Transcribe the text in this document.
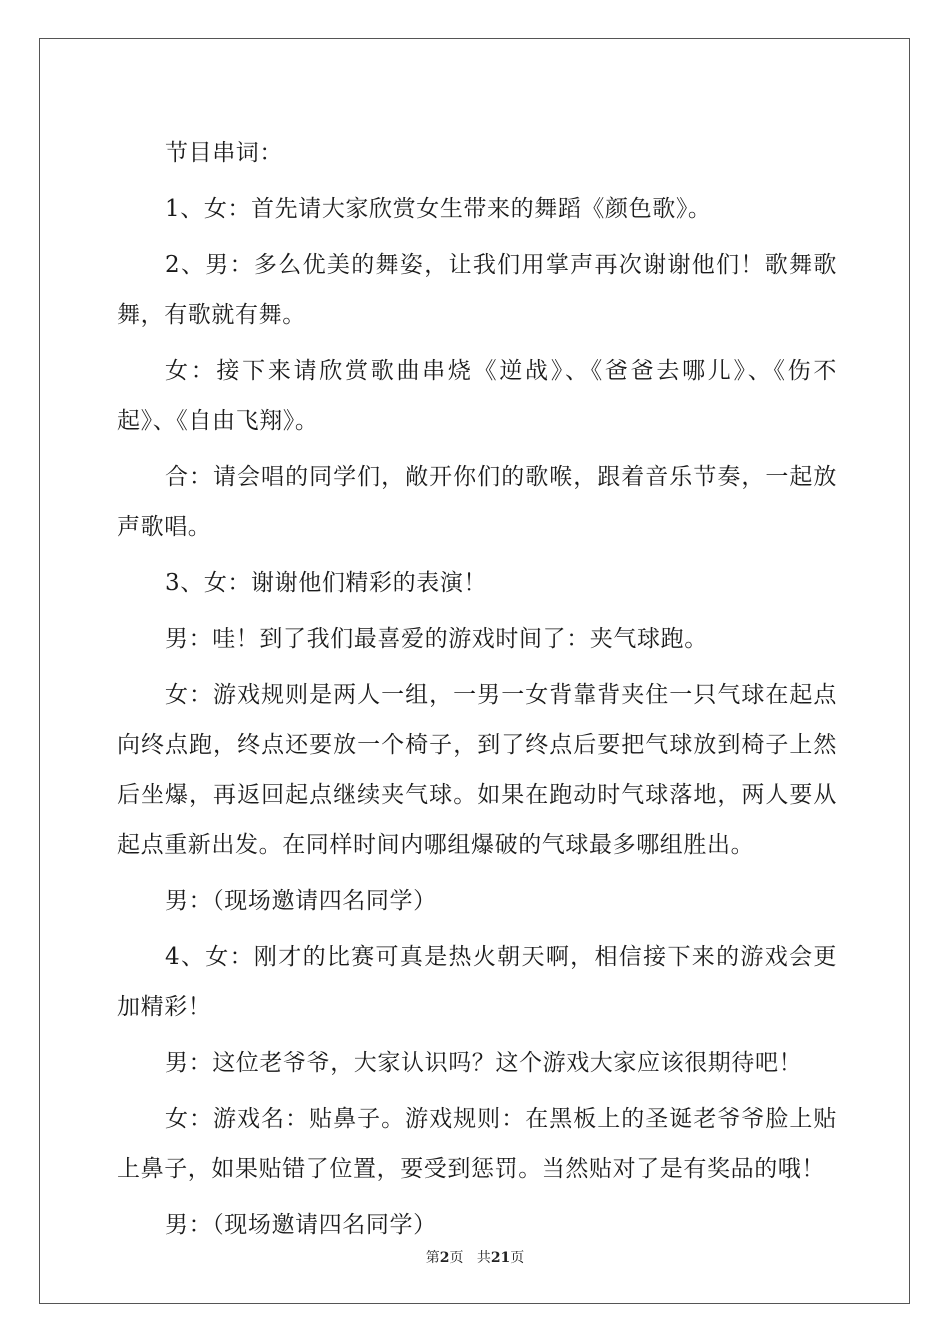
节目串词：

1、女：首先请大家欣赏女生带来的舞蹈《颜色歌》。

2、男：多么优美的舞姿，让我们用掌声再次谢谢他们！歌舞歌舞，有歌就有舞。

女：接下来请欣赏歌曲串烧《逆战》、《爸爸去哪儿》、《伤不起》、《自由飞翔》。

合：请会唱的同学们，敞开你们的歌喉，跟着音乐节奏，一起放声歌唱。

3、女：谢谢他们精彩的表演！

男：哇！到了我们最喜爱的游戏时间了：夹气球跑。

女：游戏规则是两人一组，一男一女背靠背夹住一只气球在起点向终点跑，终点还要放一个椅子，到了终点后要把气球放到椅子上然后坐爆，再返回起点继续夹气球。如果在跑动时气球落地，两人要从起点重新出发。在同样时间内哪组爆破的气球最多哪组胜出。

男：（现场邀请四名同学）

4、女：刚才的比赛可真是热火朝天啊，相信接下来的游戏会更加精彩！

男：这位老爷爷，大家认识吗？这个游戏大家应该很期待吧！

女：游戏名：贴鼻子。游戏规则：在黑板上的圣诞老爷爷脸上贴上鼻子，如果贴错了位置，要受到惩罚。当然贴对了是有奖品的哦！

男：（现场邀请四名同学）

第2页 共21页
